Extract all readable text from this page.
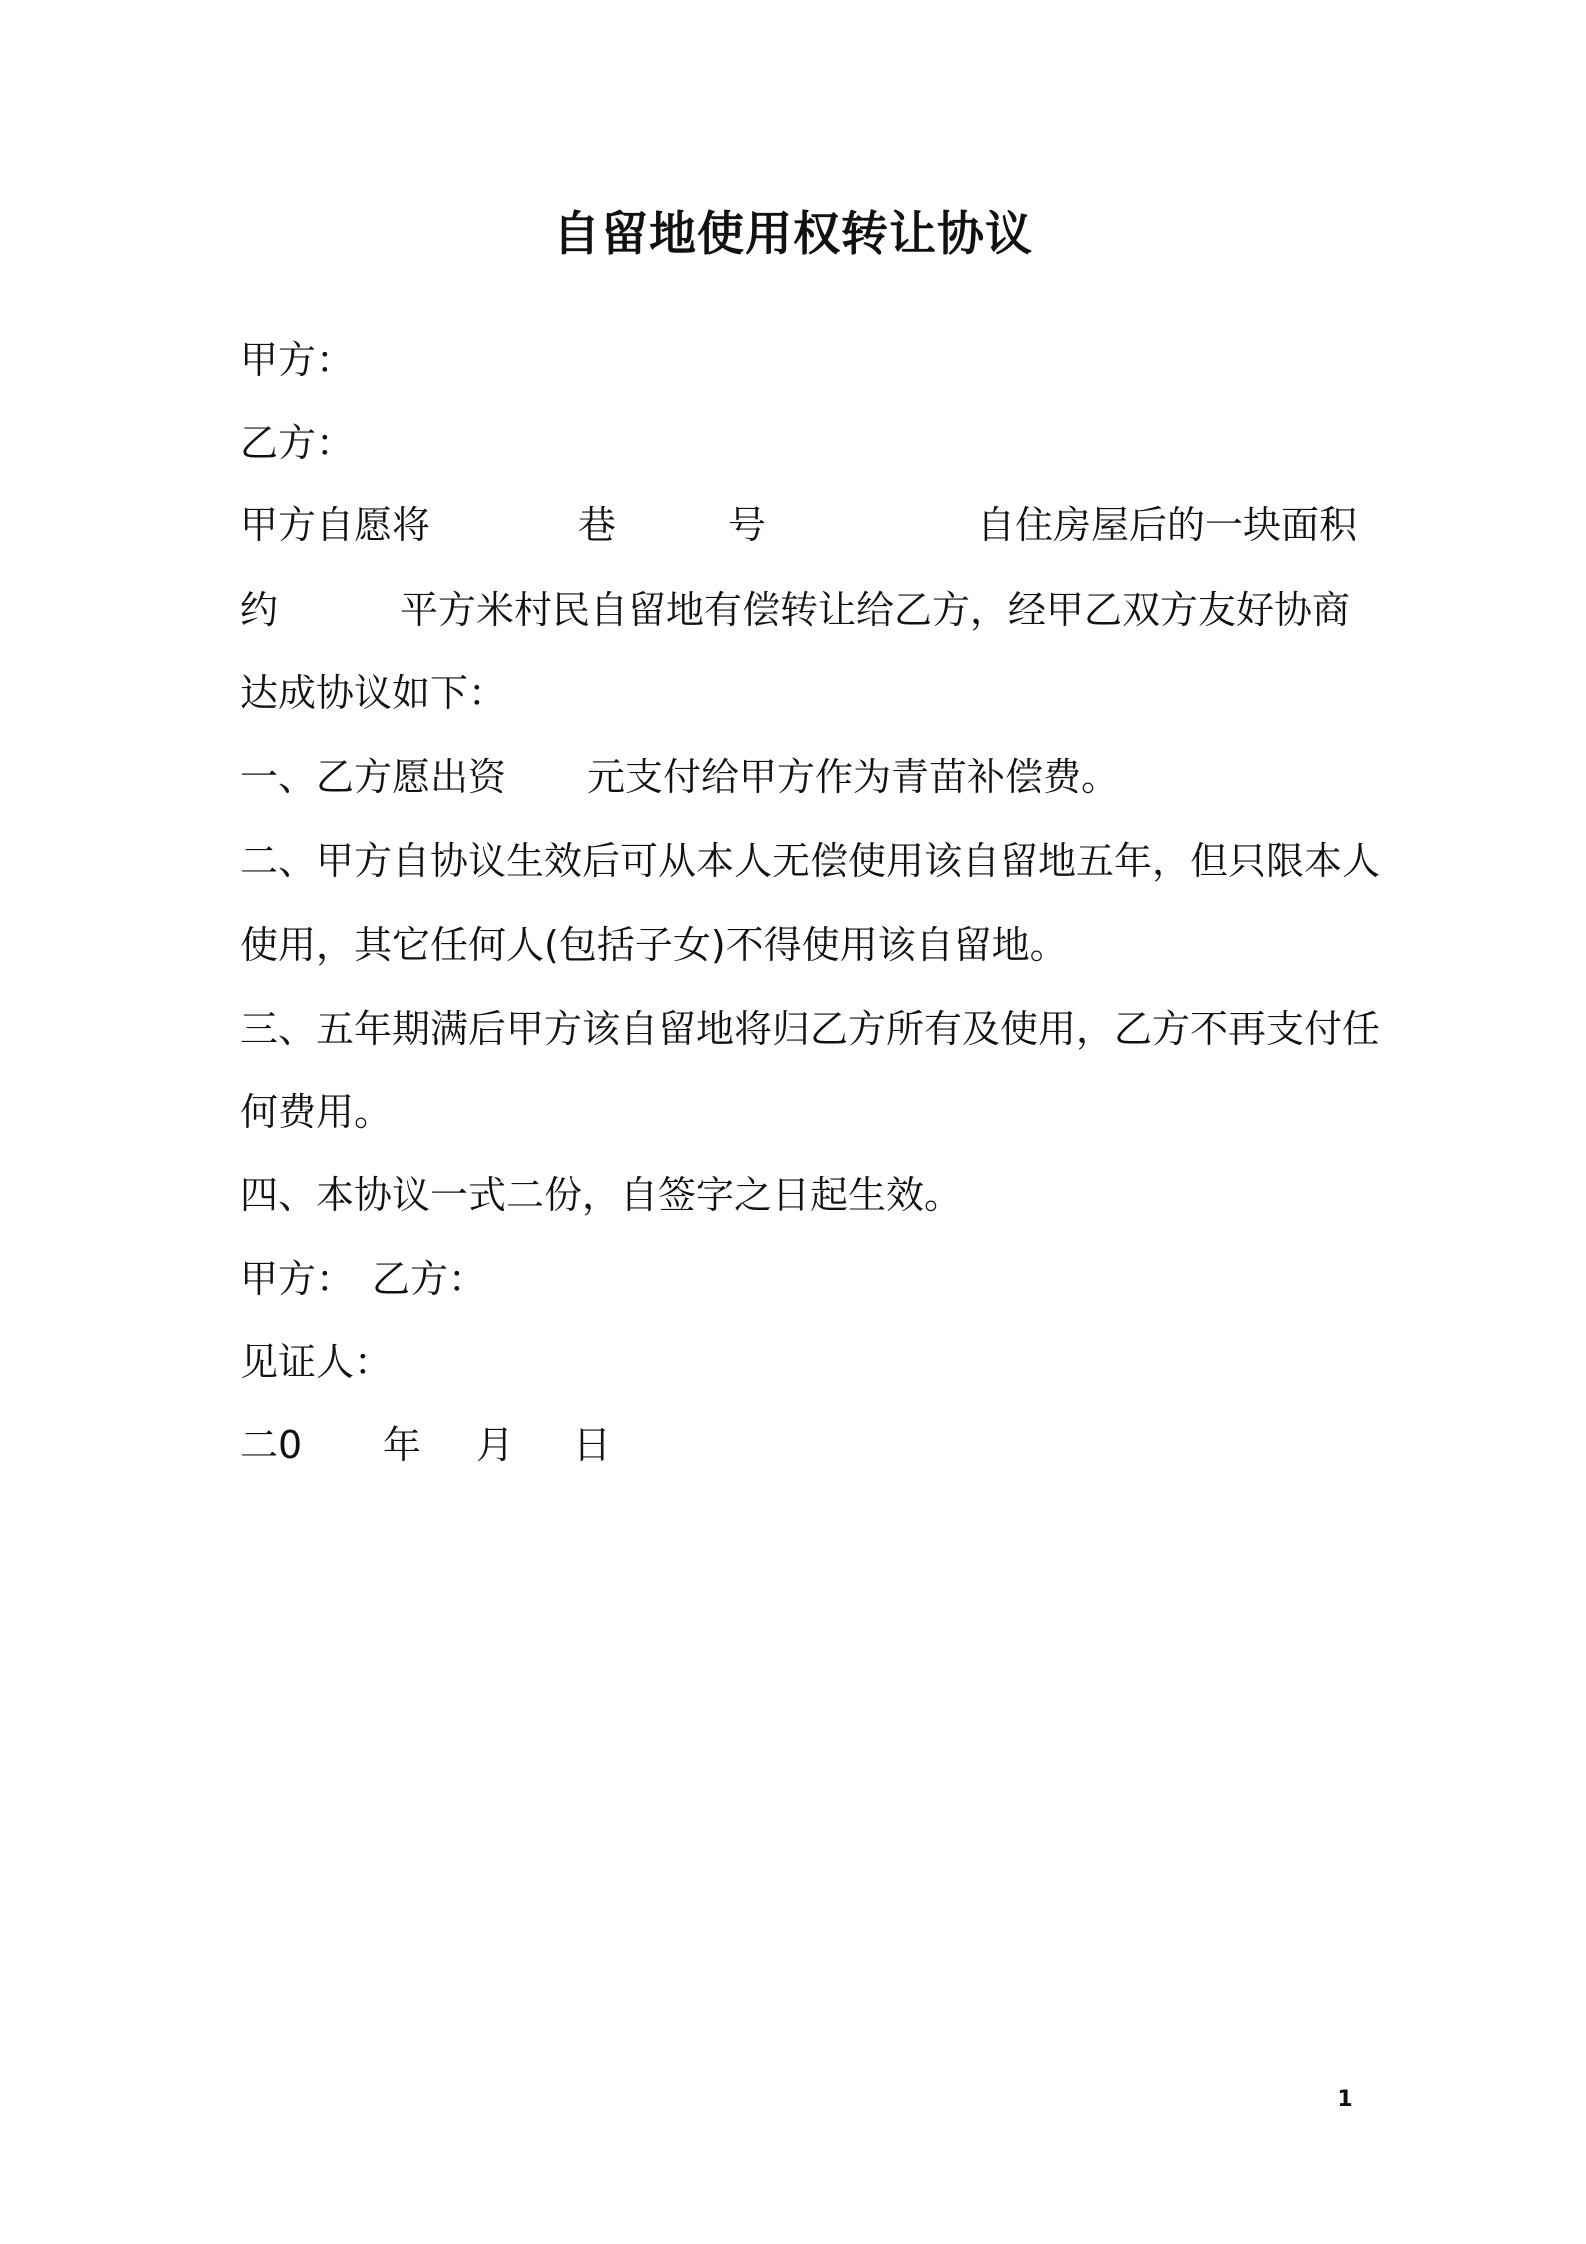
自留地使用权转让协议

甲方：

乙方：

甲方自愿将	巷	号	自住房屋后的一块面积

约	平方米村民自留地有偿转让给乙方，经甲乙双方友好协商

达成协议如下：

一、乙方愿出资 元支付给甲方作为青苗补偿费。

二、甲方自协议生效后可从本人无偿使用该自留地五年，但只限本人

使用，其它任何人(包括子女)不得使用该自留地。

三、五年期满后甲方该自留地将归乙方所有及使用，乙方不再支付任

何费用。

四、本协议一式二份，自签字之日起生效。

甲方： 乙方：

见证人：

二0 年 月 日

1
